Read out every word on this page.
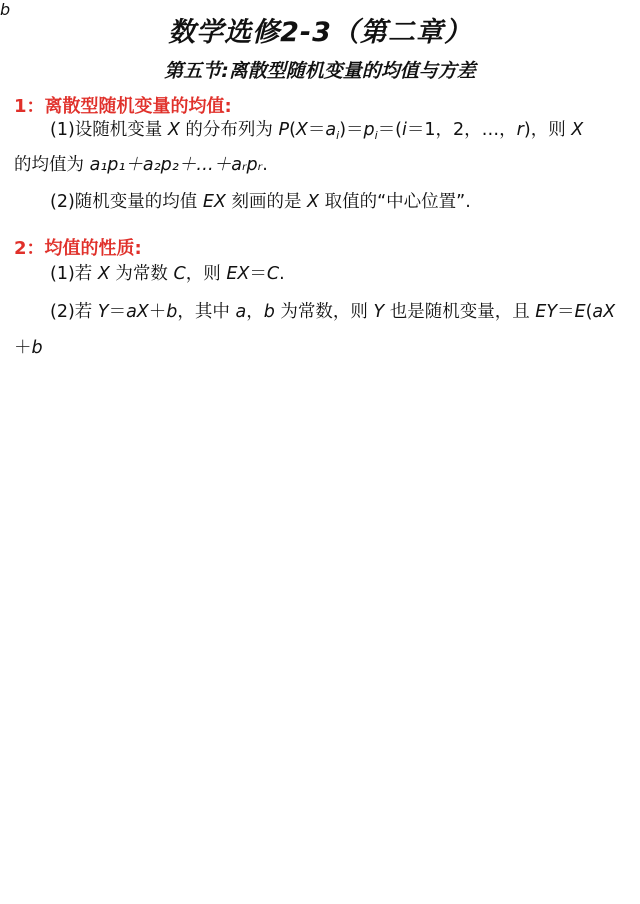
数学选修2-3（第二章）
第五节:离散型随机变量的均值与方差
1：离散型随机变量的均值:
(1)设随机变量 X 的分布列为 $P(X=a_i)=p_i=(i=1$，2，…，r)，则 X
的均值为 a₁p₁＋a₂p₂＋…＋aᵣpᵣ.
(2)随机变量的均值 EX 刻画的是 X 取值的“中心位置”.
2：均值的性质:
(1)若 X 为常数 C，则 EX＝C.
(2)若 Y＝aX＋b，其中 a，b 为常数，则 Y 也是随机变量，且 EY＝E(aX
＋b
b
